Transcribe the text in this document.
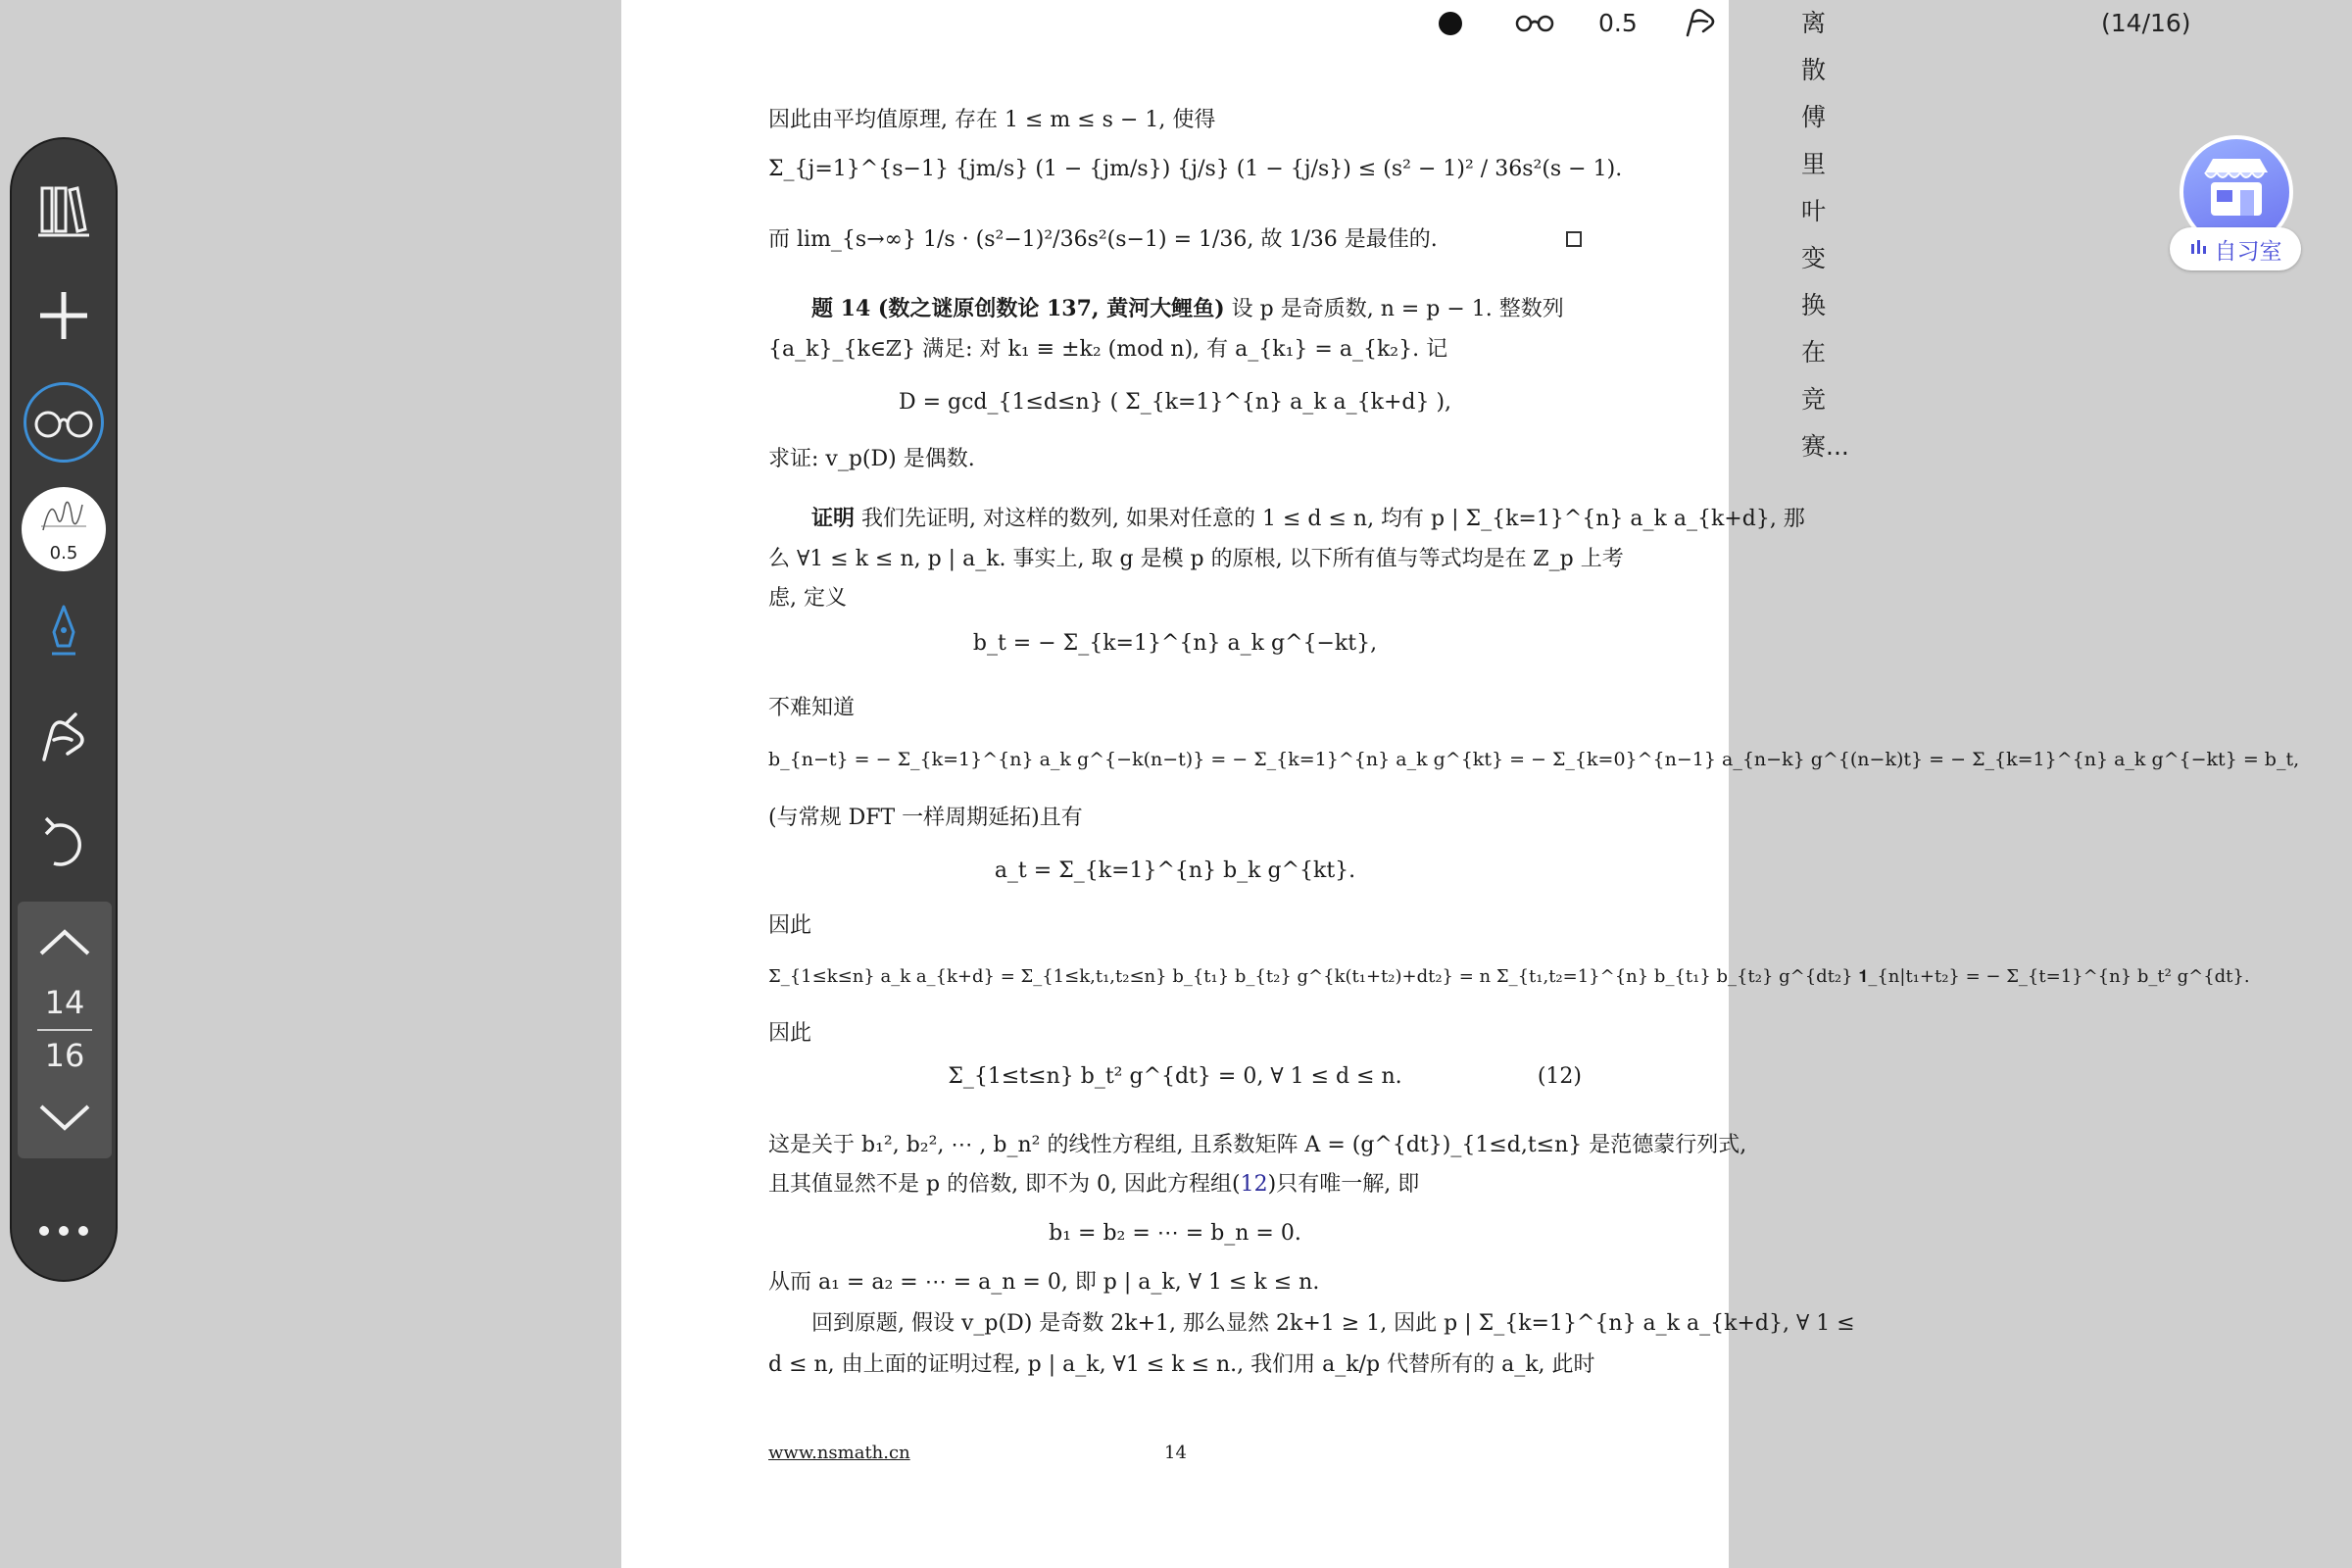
因此由平均值原理, 存在 1 ≤ m ≤ s − 1, 使得
Σ_{j=1}^{s−1} {jm/s} (1 − {jm/s}) {j/s} (1 − {j/s}) ≤ (s² − 1)² / 36s²(s − 1).
而 lim_{s→∞} 1/s · (s²−1)²/36s²(s−1) = 1/36, 故 1/36 是最佳的.
题 14 (数之谜原创数论 137, 黄河大鲤鱼) 设 p 是奇质数, n = p − 1. 整数列
{a_k}_{k∈ℤ} 满足: 对 k₁ ≡ ±k₂ (mod n), 有 a_{k₁} = a_{k₂}. 记
D = gcd_{1≤d≤n} ( Σ_{k=1}^{n} a_k a_{k+d} ),
求证: v_p(D) 是偶数.
证明 我们先证明, 对这样的数列, 如果对任意的 1 ≤ d ≤ n, 均有 p | Σ_{k=1}^{n} a_k a_{k+d}, 那
么 ∀1 ≤ k ≤ n, p | a_k. 事实上, 取 g 是模 p 的原根, 以下所有值与等式均是在 ℤ_p 上考
虑, 定义
b_t = − Σ_{k=1}^{n} a_k g^{−kt},
不难知道
b_{n−t} = − Σ_{k=1}^{n} a_k g^{−k(n−t)} = − Σ_{k=1}^{n} a_k g^{kt} = − Σ_{k=0}^{n−1} a_{n−k} g^{(n−k)t} = − Σ_{k=1}^{n} a_k g^{−kt} = b_t,
(与常规 DFT 一样周期延拓)且有
a_t = Σ_{k=1}^{n} b_k g^{kt}.
因此
Σ_{1≤k≤n} a_k a_{k+d} = Σ_{1≤k,t₁,t₂≤n} b_{t₁} b_{t₂} g^{k(t₁+t₂)+dt₂} = n Σ_{t₁,t₂=1}^{n} b_{t₁} b_{t₂} g^{dt₂} 𝟏_{n|t₁+t₂} = − Σ_{t=1}^{n} b_t² g^{dt}.
因此
Σ_{1≤t≤n} b_t² g^{dt} = 0, ∀ 1 ≤ d ≤ n.	(12)
这是关于 b₁², b₂², ⋯ , b_n² 的线性方程组, 且系数矩阵 A = (g^{dt})_{1≤d,t≤n} 是范德蒙行列式,
且其值显然不是 p 的倍数, 即不为 0, 因此方程组(12)只有唯一解, 即
b₁ = b₂ = ⋯ = b_n = 0.
从而 a₁ = a₂ = ⋯ = a_n = 0, 即 p | a_k, ∀ 1 ≤ k ≤ n.
回到原题, 假设 v_p(D) 是奇数 2k+1, 那么显然 2k+1 ≥ 1, 因此 p | Σ_{k=1}^{n} a_k a_{k+d}, ∀ 1 ≤
d ≤ n, 由上面的证明过程, p | a_k, ∀1 ≤ k ≤ n., 我们用 a_k/p 代替所有的 a_k, 此时
www.nsmath.cn	14
0.5	离散傅里叶变换在竞赛...
(14/16)
0.5
14
16
自习室
